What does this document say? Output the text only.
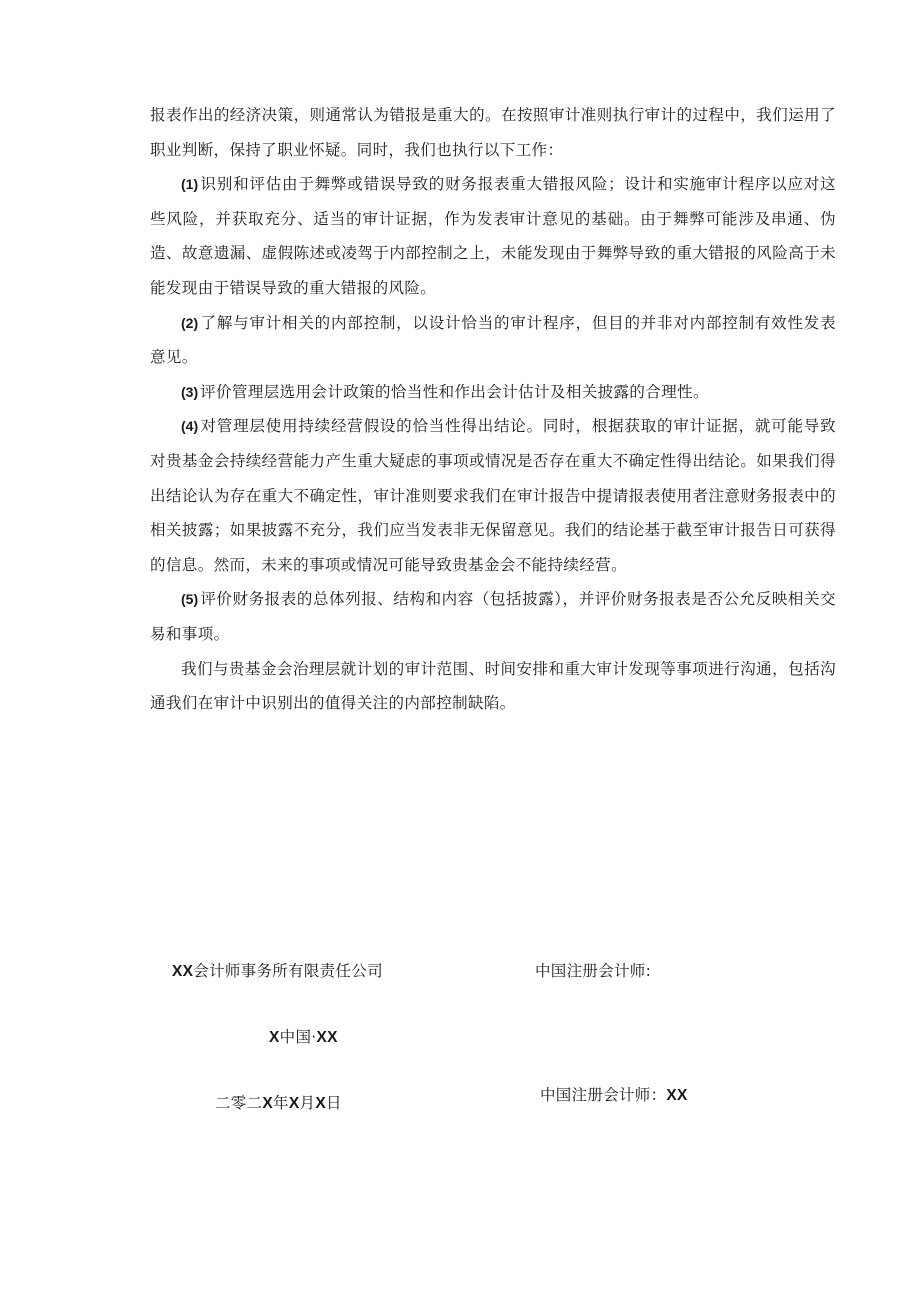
报表作出的经济决策，则通常认为错报是重大的。在按照审计准则执行审计的过程中，我们运用了职业判断，保持了职业怀疑。同时，我们也执行以下工作：

(1) 识别和评估由于舞弊或错误导致的财务报表重大错报风险；设计和实施审计程序以应对这些风险，并获取充分、适当的审计证据，作为发表审计意见的基础。由于舞弊可能涉及串通、伪造、故意遗漏、虚假陈述或凌驾于内部控制之上，未能发现由于舞弊导致的重大错报的风险高于未能发现由于错误导致的重大错报的风险。

(2) 了解与审计相关的内部控制，以设计恰当的审计程序，但目的并非对内部控制有效性发表意见。

(3) 评价管理层选用会计政策的恰当性和作出会计估计及相关披露的合理性。

(4) 对管理层使用持续经营假设的恰当性得出结论。同时，根据获取的审计证据，就可能导致对贵基金会持续经营能力产生重大疑虑的事项或情况是否存在重大不确定性得出结论。如果我们得出结论认为存在重大不确定性，审计准则要求我们在审计报告中提请报表使用者注意财务报表中的相关披露；如果披露不充分，我们应当发表非无保留意见。我们的结论基于截至审计报告日可获得的信息。然而，未来的事项或情况可能导致贵基金会不能持续经营。

(5) 评价财务报表的总体列报、结构和内容（包括披露），并评价财务报表是否公允反映相关交易和事项。

我们与贵基金会治理层就计划的审计范围、时间安排和重大审计发现等事项进行沟通，包括沟通我们在审计中识别出的值得关注的内部控制缺陷。

XX会计师事务所有限责任公司	中国注册会计师:
X中国·XX
二零二X年X月X日	中国注册会计师：XX
